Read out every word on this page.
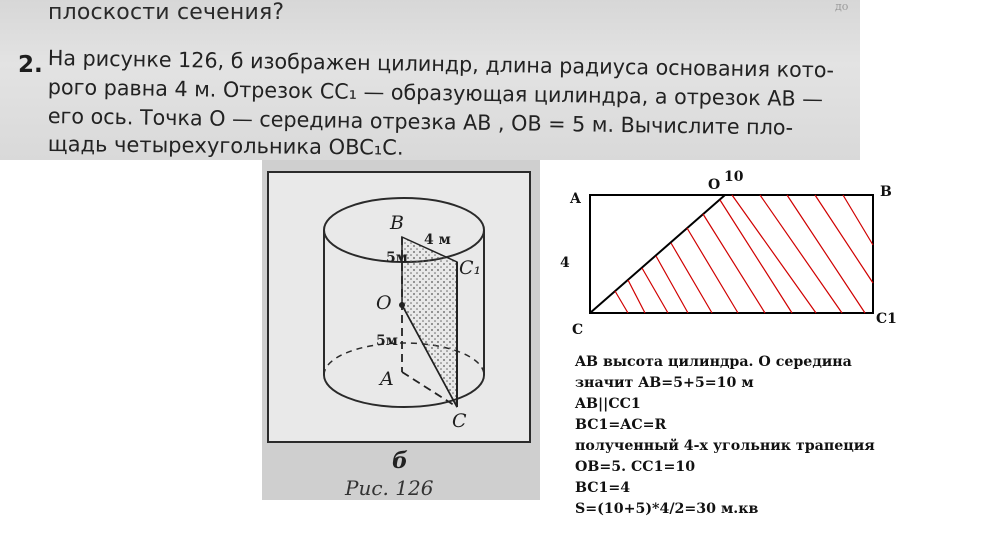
плоскости сечения?	до
2. На рисунке 126, б изображен цилиндр, длина радиуса основания кото-
рого равна 4 м. Отрезок CC₁ — образующая цилиндра, а отрезок AB —
его ось. Точка O — середина отрезка AB , OB = 5 м. Вычислите пло-
щадь четырехугольника OBC₁C.
B
4 м
5м	C₁
O
5м
A
C
б
Рис. 126
A
O 10
B
4
C
C1
AB высота цилиндра. О середина
значит AB=5+5=10 м
AB||CC1
BC1=AC=R
полученный 4-х угольник трапеция
OB=5. CC1=10
BC1=4
S=(10+5)*4/2=30 м.кв
